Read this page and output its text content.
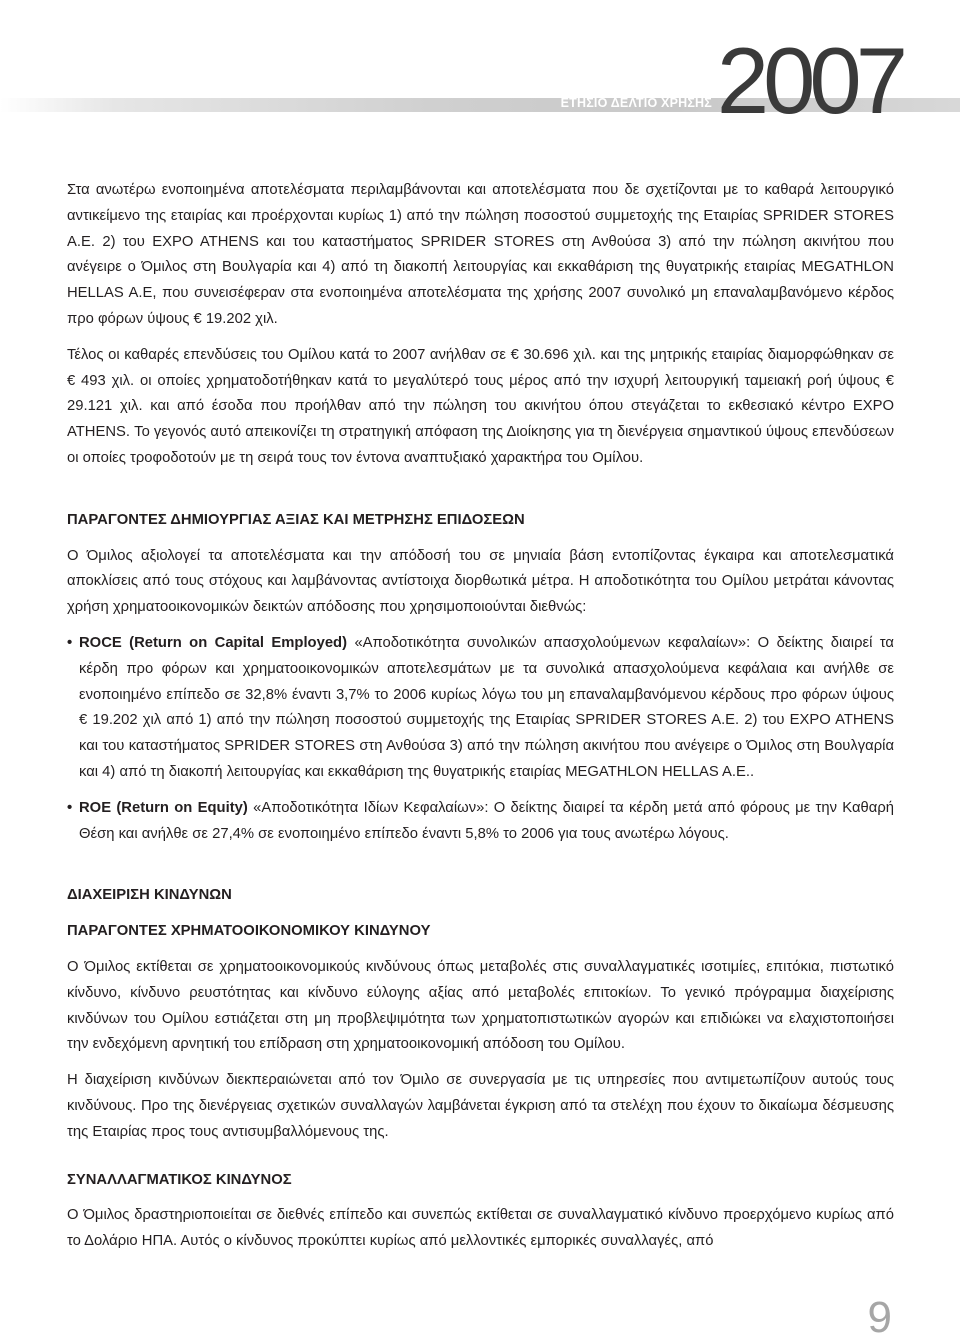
ΕΤΗΣΙΟ ΔΕΛΤΙΟ ΧΡΗΣΗΣ 2007

Στα ανωτέρω ενοποιημένα αποτελέσματα περιλαμβάνονται και αποτελέσματα που δε σχετίζονται με το καθαρά λειτουργικό αντικείμενο της εταιρίας και προέρχονται κυρίως 1) από την πώληση ποσοστού συμμετοχής της Εταιρίας SPRIDER STORES A.E. 2) του EXPO ATHENS και του καταστήματος SPRIDER STORES στη Ανθούσα 3) από την πώληση ακινήτου που ανέγειρε ο Όμιλος στη Βουλγαρία και 4) από τη διακοπή λειτουργίας και εκκαθάριση της θυγατρικής εταιρίας MEGATHLON HELLAS A.E, που συνεισέφεραν στα ενοποιημένα αποτελέσματα της χρήσης 2007 συνολικό μη επαναλαμβανόμενο κέρδος προ φόρων ύψους € 19.202 χιλ.

Τέλος οι καθαρές επενδύσεις του Ομίλου κατά το 2007 ανήλθαν σε € 30.696 χιλ. και της μητρικής εταιρίας διαμορφώθηκαν σε € 493 χιλ. οι οποίες χρηματοδοτήθηκαν κατά το μεγαλύτερό τους μέρος από την ισχυρή λειτουργική ταμειακή ροή ύψους € 29.121 χιλ. και από έσοδα που προήλθαν από την πώληση του ακινήτου όπου στεγάζεται το εκθεσιακό κέντρο EXPO ATHENS. Το γεγονός αυτό απεικονίζει τη στρατηγική απόφαση της Διοίκησης για τη διενέργεια σημαντικού ύψους επενδύσεων οι οποίες τροφοδοτούν με τη σειρά τους τον έντονα αναπτυξιακό χαρακτήρα του Ομίλου.

ΠΑΡΑΓΟΝΤΕΣ ΔΗΜΙΟΥΡΓΙΑΣ ΑΞΙΑΣ ΚΑΙ ΜΕΤΡΗΣΗΣ ΕΠΙΔΟΣΕΩΝ

Ο Όμιλος αξιολογεί τα αποτελέσματα και την απόδοσή του σε μηνιαία βάση εντοπίζοντας έγκαιρα και αποτελεσματικά αποκλίσεις από τους στόχους και λαμβάνοντας αντίστοιχα διορθωτικά μέτρα. Η αποδοτικότητα του Ομίλου μετράται κάνοντας χρήση χρηματοοικονομικών δεικτών απόδοσης που χρησιμοποιούνται διεθνώς:

• ROCE (Return on Capital Employed) «Αποδοτικότητα συνολικών απασχολούμενων κεφαλαίων»: Ο δείκτης διαιρεί τα κέρδη προ φόρων και χρηματοοικονομικών αποτελεσμάτων με τα συνολικά απασχολούμενα κεφάλαια και ανήλθε σε ενοποιημένο επίπεδο σε 32,8% έναντι 3,7% το 2006 κυρίως λόγω του μη επαναλαμβανόμενου κέρδους προ φόρων ύψους € 19.202 χιλ από 1) από την πώληση ποσοστού συμμετοχής της Εταιρίας SPRIDER STORES A.E. 2) του EXPO ATHENS και του καταστήματος SPRIDER STORES στη Ανθούσα 3) από την πώληση ακινήτου που ανέγειρε ο Όμιλος στη Βουλγαρία και 4) από τη διακοπή λειτουργίας και εκκαθάριση της θυγατρικής εταιρίας MEGATHLON HELLAS A.E..

• ROE (Return on Equity) «Αποδοτικότητα Ιδίων Κεφαλαίων»: Ο δείκτης διαιρεί τα κέρδη μετά από φόρους με την Καθαρή Θέση και ανήλθε σε 27,4% σε ενοποιημένο επίπεδο έναντι 5,8% το 2006 για τους ανωτέρω λόγους.

ΔΙΑΧΕΙΡΙΣΗ ΚΙΝΔΥΝΩΝ
ΠΑΡΑΓΟΝΤΕΣ ΧΡΗΜΑΤΟΟΙΚΟΝΟΜΙΚΟΥ ΚΙΝΔΥΝΟΥ

Ο Όμιλος εκτίθεται σε χρηματοοικονομικούς κινδύνους όπως μεταβολές στις συναλλαγματικές ισοτιμίες, επιτόκια, πιστωτικό κίνδυνο, κίνδυνο ρευστότητας και κίνδυνο εύλογης αξίας από μεταβολές επιτοκίων. Το γενικό πρόγραμμα διαχείρισης κινδύνων του Ομίλου εστιάζεται στη μη προβλεψιμότητα των χρηματοπιστωτικών αγορών και επιδιώκει να ελαχιστοποιήσει την ενδεχόμενη αρνητική του επίδραση στη χρηματοοικονομική απόδοση του Ομίλου.

Η διαχείριση κινδύνων διεκπεραιώνεται από τον Όμιλο σε συνεργασία με τις υπηρεσίες που αντιμετωπίζουν αυτούς τους κινδύνους. Προ της διενέργειας σχετικών συναλλαγών λαμβάνεται έγκριση από τα στελέχη που έχουν το δικαίωμα δέσμευσης της Εταιρίας προς τους αντισυμβαλλόμενους της.

ΣΥΝΑΛΛΑΓΜΑΤΙΚΟΣ ΚΙΝΔΥΝΟΣ

Ο Όμιλος δραστηριοποιείται σε διεθνές επίπεδο και συνεπώς εκτίθεται σε συναλλαγματικό κίνδυνο προερχόμενο κυρίως από το Δολάριο ΗΠΑ. Αυτός ο κίνδυνος προκύπτει κυρίως από μελλοντικές εμπορικές συναλλαγές, από

9
